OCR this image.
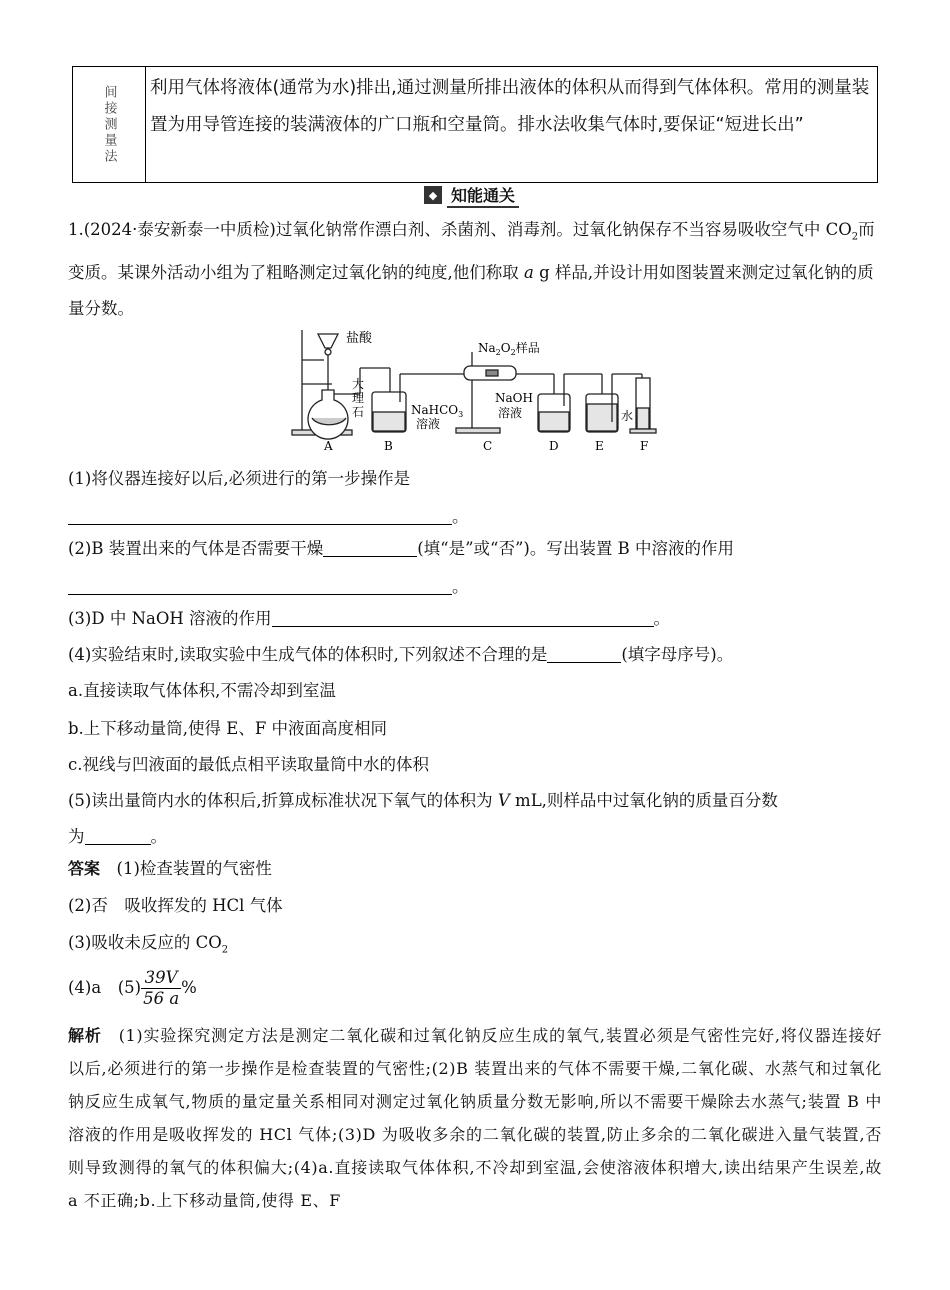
间接测量法 利用气体将液体(通常为水)排出,通过测量所排出液体的体积从而得到气体体积。常用的测量装置为用导管连接的装满液体的广口瓶和空量筒。排水法收集气体时,要保证“短进长出”
◆ 知能通关
1.(2024·泰安新泰一中质检)过氧化钠常作漂白剂、杀菌剂、消毒剂。过氧化钠保存不当容易吸收空气中 $CO_2$而变质。某课外活动小组为了粗略测定过氧化钠的纯度,他们称取 a g 样品,并设计用如图装置来测定过氧化钠的质量分数。
盐酸
大
理
石	NaHCO$_3$
溶液
$Na_2O_2$样品
NaOH
溶液	水
A	B	C	D	E	F
(1)将仪器连接好以后,必须进行的第一步操作是
。
(2)B 装置出来的气体是否需要干燥	(填“是”或“否”)。写出装置 B 中溶液的作用
。
(3)D 中 NaOH 溶液的作用	。
(4)实验结束时,读取实验中生成气体的体积时,下列叙述不合理的是	(填字母序号)。
a.直接读取气体体积,不需冷却到室温
b.上下移动量筒,使得 E、F 中液面高度相同
c.视线与凹液面的最低点相平读取量筒中水的体积
(5)读出量筒内水的体积后,折算成标准状况下氧气的体积为 V mL,则样品中过氧化钠的质量百分数
为	。
答案　 (1)检查装置的气密性
(2)否　吸收挥发的 HCl 气体
(3)吸收未反应的 $CO_2$
(4)a　$(5) \frac{39V}{56 a}$ %
解析　 (1)实验探究测定方法是测定二氧化碳和过氧化钠反应生成的氧气,装置必须是气密性完好,将仪器连接好以后,必须进行的第一步操作是检查装置的气密性;(2)B 装置出来的气体不需要干燥,二氧化碳、水蒸气和过氧化钠反应生成氧气,物质的量定量关系相同对测定过氧化钠质量分数无影响,所以不需要干燥除去水蒸气;装置 B 中溶液的作用是吸收挥发的 HCl 气体;(3)D 为吸收多余的二氧化碳的装置,防止多余的二氧化碳进入量气装置,否则导致测得的氧气的体积偏大;(4)a.直接读取气体体积,不冷却到室温,会使溶液体积增大,读出结果产生误差,故 a 不正确;b.上下移动量筒,使得 E、F
